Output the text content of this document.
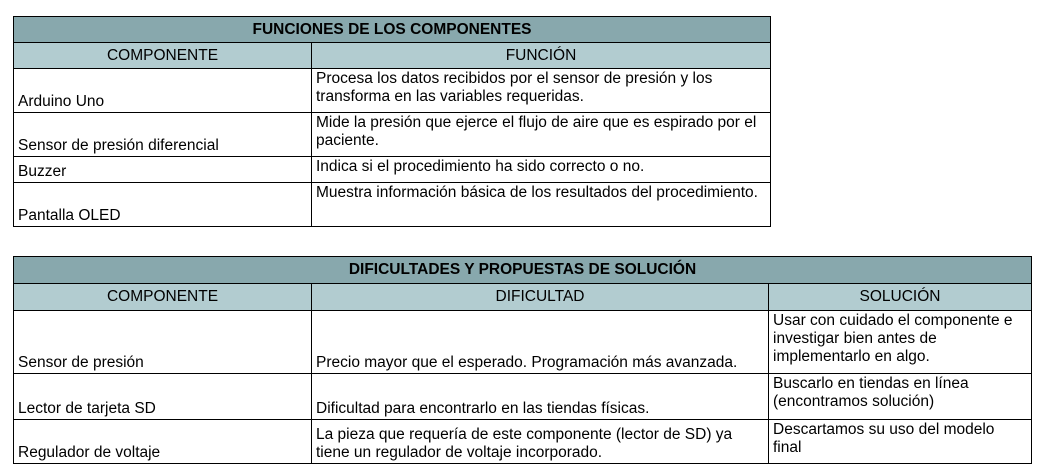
FUNCIONES DE LOS COMPONENTES	
COMPONENTE	FUNCIÓN
Arduino Uno	Procesa los datos recibidos por el sensor de presión y los transforma en las variables requeridas.
Sensor de presión diferencial	Mide la presión que ejerce el flujo de aire que es espirado por el paciente.
Buzzer	Indica si el procedimiento ha sido correcto o no.
Pantalla OLED	Muestra información básica de los resultados del procedimiento.
DIFICULTADES Y PROPUESTAS DE SOLUCIÓN		
COMPONENTE	DIFICULTAD	SOLUCIÓN
Sensor de presión	Precio mayor que el esperado. Programación más avanzada.	Usar con cuidado el componente e investigar bien antes de implementarlo en algo.
Lector de tarjeta SD	Dificultad para encontrarlo en las tiendas físicas.	Buscarlo en tiendas en línea (encontramos solución)
Regulador de voltaje	La pieza que requería de este componente (lector de SD) ya tiene un regulador de voltaje incorporado.	Descartamos su uso del modelo final
